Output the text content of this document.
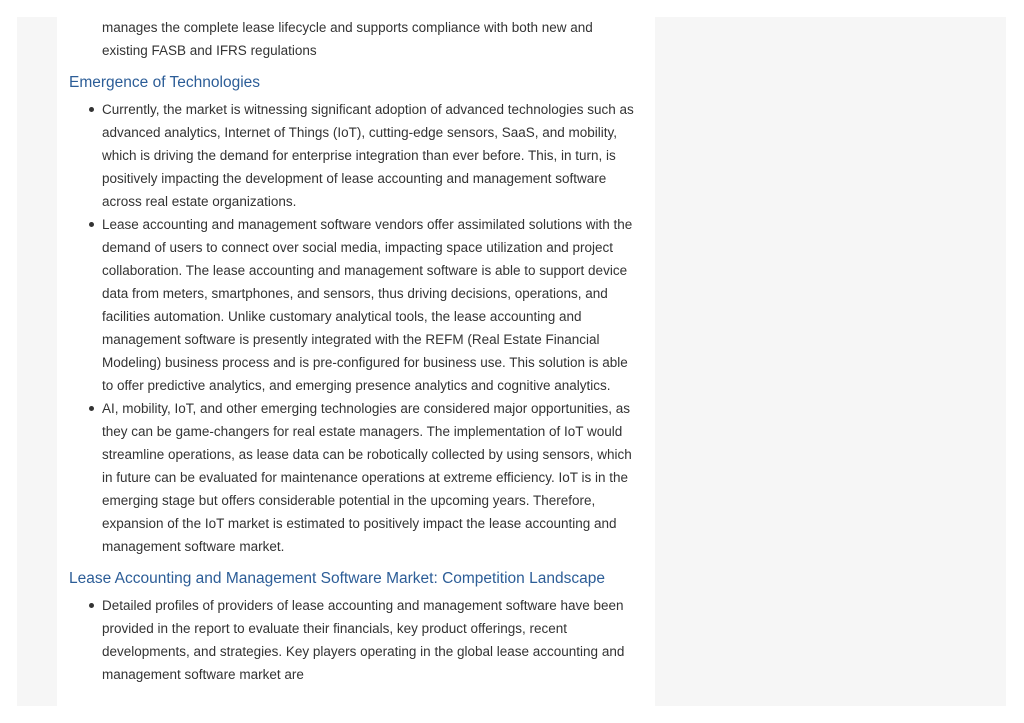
manages the complete lease lifecycle and supports compliance with both new and existing FASB and IFRS regulations

Emergence of Technologies
Currently, the market is witnessing significant adoption of advanced technologies such as advanced analytics, Internet of Things (IoT), cutting-edge sensors, SaaS, and mobility, which is driving the demand for enterprise integration than ever before. This, in turn, is positively impacting the development of lease accounting and management software across real estate organizations.
Lease accounting and management software vendors offer assimilated solutions with the demand of users to connect over social media, impacting space utilization and project collaboration. The lease accounting and management software is able to support device data from meters, smartphones, and sensors, thus driving decisions, operations, and facilities automation. Unlike customary analytical tools, the lease accounting and management software is presently integrated with the REFM (Real Estate Financial Modeling) business process and is pre-configured for business use. This solution is able to offer predictive analytics, and emerging presence analytics and cognitive analytics.
AI, mobility, IoT, and other emerging technologies are considered major opportunities, as they can be game-changers for real estate managers. The implementation of IoT would streamline operations, as lease data can be robotically collected by using sensors, which in future can be evaluated for maintenance operations at extreme efficiency. IoT is in the emerging stage but offers considerable potential in the upcoming years. Therefore, expansion of the IoT market is estimated to positively impact the lease accounting and management software market.
Lease Accounting and Management Software Market: Competition Landscape
Detailed profiles of providers of lease accounting and management software have been provided in the report to evaluate their financials, key product offerings, recent developments, and strategies. Key players operating in the global lease accounting and management software market are
